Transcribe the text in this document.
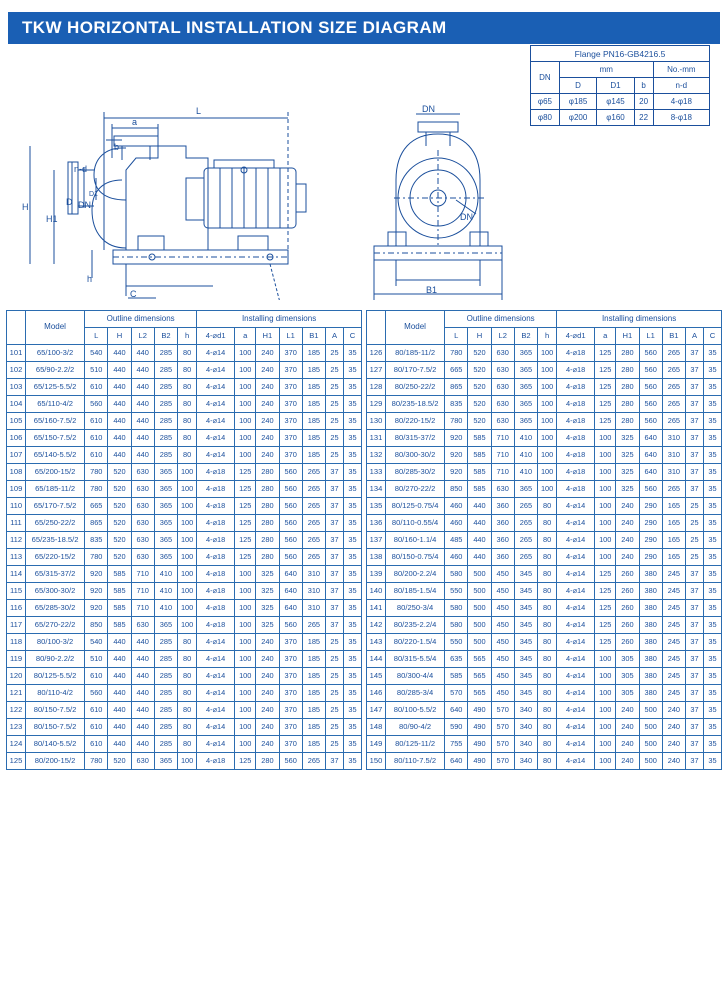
TKW HORIZONTAL INSTALLATION SIZE DIAGRAM
a
b
L
n-d
D DN
D1
H
H1
h
C
DN
DN
B1
Flange PN16-GB4216.5				
DN	mm			No.-mm
	D	D1	b	n-d
φ65	φ185	φ145	20	4-φ18
φ80	φ200	φ160	22	8-φ18
	Model	Outline dimensions					Installing dimensions						
		L	H	L2	B2	h	4-⌀d1	a	H1	L1	B1	A	C
101	65/100-3/2	540	440	440	285	80	4-⌀14	100	240	370	185	25	35
102	65/90-2.2/2	510	440	440	285	80	4-⌀14	100	240	370	185	25	35
103	65/125-5.5/2	610	440	440	285	80	4-⌀14	100	240	370	185	25	35
104	65/110-4/2	560	440	440	285	80	4-⌀14	100	240	370	185	25	35
105	65/160-7.5/2	610	440	440	285	80	4-⌀14	100	240	370	185	25	35
106	65/150-7.5/2	610	440	440	285	80	4-⌀14	100	240	370	185	25	35
107	65/140-5.5/2	610	440	440	285	80	4-⌀14	100	240	370	185	25	35
108	65/200-15/2	780	520	630	365	100	4-⌀18	125	280	560	265	37	35
109	65/185-11/2	780	520	630	365	100	4-⌀18	125	280	560	265	37	35
110	65/170-7.5/2	665	520	630	365	100	4-⌀18	125	280	560	265	37	35
111	65/250-22/2	865	520	630	365	100	4-⌀18	125	280	560	265	37	35
112	65/235-18.5/2	835	520	630	365	100	4-⌀18	125	280	560	265	37	35
113	65/220-15/2	780	520	630	365	100	4-⌀18	125	280	560	265	37	35
114	65/315-37/2	920	585	710	410	100	4-⌀18	100	325	640	310	37	35
115	65/300-30/2	920	585	710	410	100	4-⌀18	100	325	640	310	37	35
116	65/285-30/2	920	585	710	410	100	4-⌀18	100	325	640	310	37	35
117	65/270-22/2	850	585	630	365	100	4-⌀18	100	325	560	265	37	35
118	80/100-3/2	540	440	440	285	80	4-⌀14	100	240	370	185	25	35
119	80/90-2.2/2	510	440	440	285	80	4-⌀14	100	240	370	185	25	35
120	80/125-5.5/2	610	440	440	285	80	4-⌀14	100	240	370	185	25	35
121	80/110-4/2	560	440	440	285	80	4-⌀14	100	240	370	185	25	35
122	80/150-7.5/2	610	440	440	285	80	4-⌀14	100	240	370	185	25	35
123	80/150-7.5/2	610	440	440	285	80	4-⌀14	100	240	370	185	25	35
124	80/140-5.5/2	610	440	440	285	80	4-⌀14	100	240	370	185	25	35
125	80/200-15/2	780	520	630	365	100	4-⌀18	125	280	560	265	37	35
	Model	Outline dimensions					Installing dimensions						
		L	H	L2	B2	h	4-⌀d1	a	H1	L1	B1	A	C
126	80/185-11/2	780	520	630	365	100	4-⌀18	125	280	560	265	37	35
127	80/170-7.5/2	665	520	630	365	100	4-⌀18	125	280	560	265	37	35
128	80/250-22/2	865	520	630	365	100	4-⌀18	125	280	560	265	37	35
129	80/235-18.5/2	835	520	630	365	100	4-⌀18	125	280	560	265	37	35
130	80/220-15/2	780	520	630	365	100	4-⌀18	125	280	560	265	37	35
131	80/315-37/2	920	585	710	410	100	4-⌀18	100	325	640	310	37	35
132	80/300-30/2	920	585	710	410	100	4-⌀18	100	325	640	310	37	35
133	80/285-30/2	920	585	710	410	100	4-⌀18	100	325	640	310	37	35
134	80/270-22/2	850	585	630	365	100	4-⌀18	100	325	560	265	37	35
135	80/125-0.75/4	460	440	360	265	80	4-⌀14	100	240	290	165	25	35
136	80/110-0.55/4	460	440	360	265	80	4-⌀14	100	240	290	165	25	35
137	80/160-1.1/4	485	440	360	265	80	4-⌀14	100	240	290	165	25	35
138	80/150-0.75/4	460	440	360	265	80	4-⌀14	100	240	290	165	25	35
139	80/200-2.2/4	580	500	450	345	80	4-⌀14	125	260	380	245	37	35
140	80/185-1.5/4	550	500	450	345	80	4-⌀14	125	260	380	245	37	35
141	80/250-3/4	580	500	450	345	80	4-⌀14	125	260	380	245	37	35
142	80/235-2.2/4	580	500	450	345	80	4-⌀14	125	260	380	245	37	35
143	80/220-1.5/4	550	500	450	345	80	4-⌀14	125	260	380	245	37	35
144	80/315-5.5/4	635	565	450	345	80	4-⌀14	100	305	380	245	37	35
145	80/300-4/4	585	565	450	345	80	4-⌀14	100	305	380	245	37	35
146	80/285-3/4	570	565	450	345	80	4-⌀14	100	305	380	245	37	35
147	80/100-5.5/2	640	490	570	340	80	4-⌀14	100	240	500	240	37	35
148	80/90-4/2	590	490	570	340	80	4-⌀14	100	240	500	240	37	35
149	80/125-11/2	755	490	570	340	80	4-⌀14	100	240	500	240	37	35
150	80/110-7.5/2	640	490	570	340	80	4-⌀14	100	240	500	240	37	35
